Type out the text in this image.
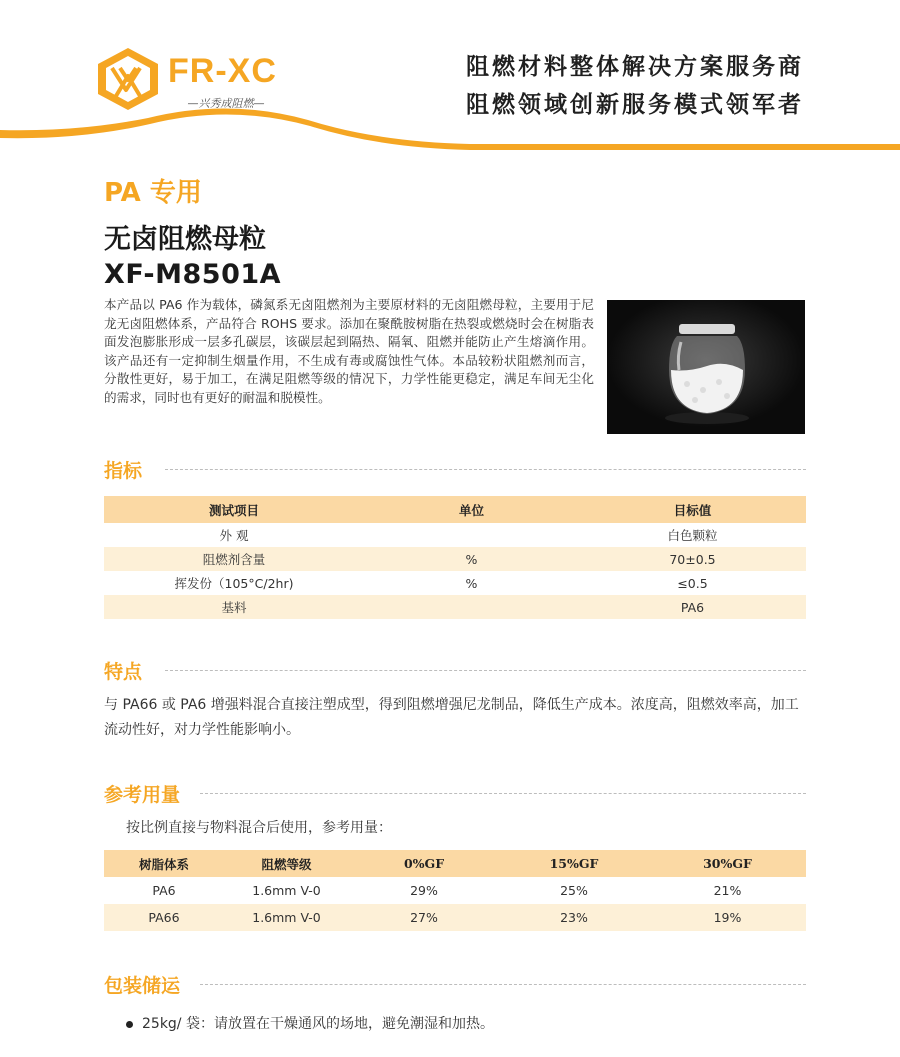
FR-XC
—兴秀成阻燃—
阻燃材料整体解决方案服务商
阻燃领域创新服务模式领军者
PA 专用
无卤阻燃母粒
XF-M8501A
本产品以 PA6 作为载体，磷氮系无卤阻燃剂为主要原材料的无卤阻燃母粒，主要用于尼龙无卤阻燃体系，产品符合 ROHS 要求。添加在聚酰胺树脂在热裂或燃烧时会在树脂表面发泡膨胀形成一层多孔碳层，该碳层起到隔热、隔氧、阻燃并能防止产生熔滴作用。该产品还有一定抑制生烟量作用，不生成有毒或腐蚀性气体。本品较粉状阻燃剂而言，分散性更好，易于加工，在满足阻燃等级的情况下，力学性能更稳定，满足车间无尘化的需求，同时也有更好的耐温和脱模性。
指标
测试项目	单位	目标值
外 观		白色颗粒
阻燃剂含量	%	70±0.5
挥发份（105°C/2hr)	%	≤0.5
基料		PA6
特点
与 PA66 或 PA6 增强料混合直接注塑成型，得到阻燃增强尼龙制品，降低生产成本。浓度高，阻燃效率高，加工流动性好，对力学性能影响小。
参考用量
按比例直接与物料混合后使用，参考用量：
树脂体系	阻燃等级	0%GF	15%GF	30%GF
PA6	1.6mm V-0	29%	25%	21%
PA66	1.6mm V-0	27%	23%	19%
包装储运
25kg/ 袋：请放置在干燥通风的场地，避免潮湿和加热。
